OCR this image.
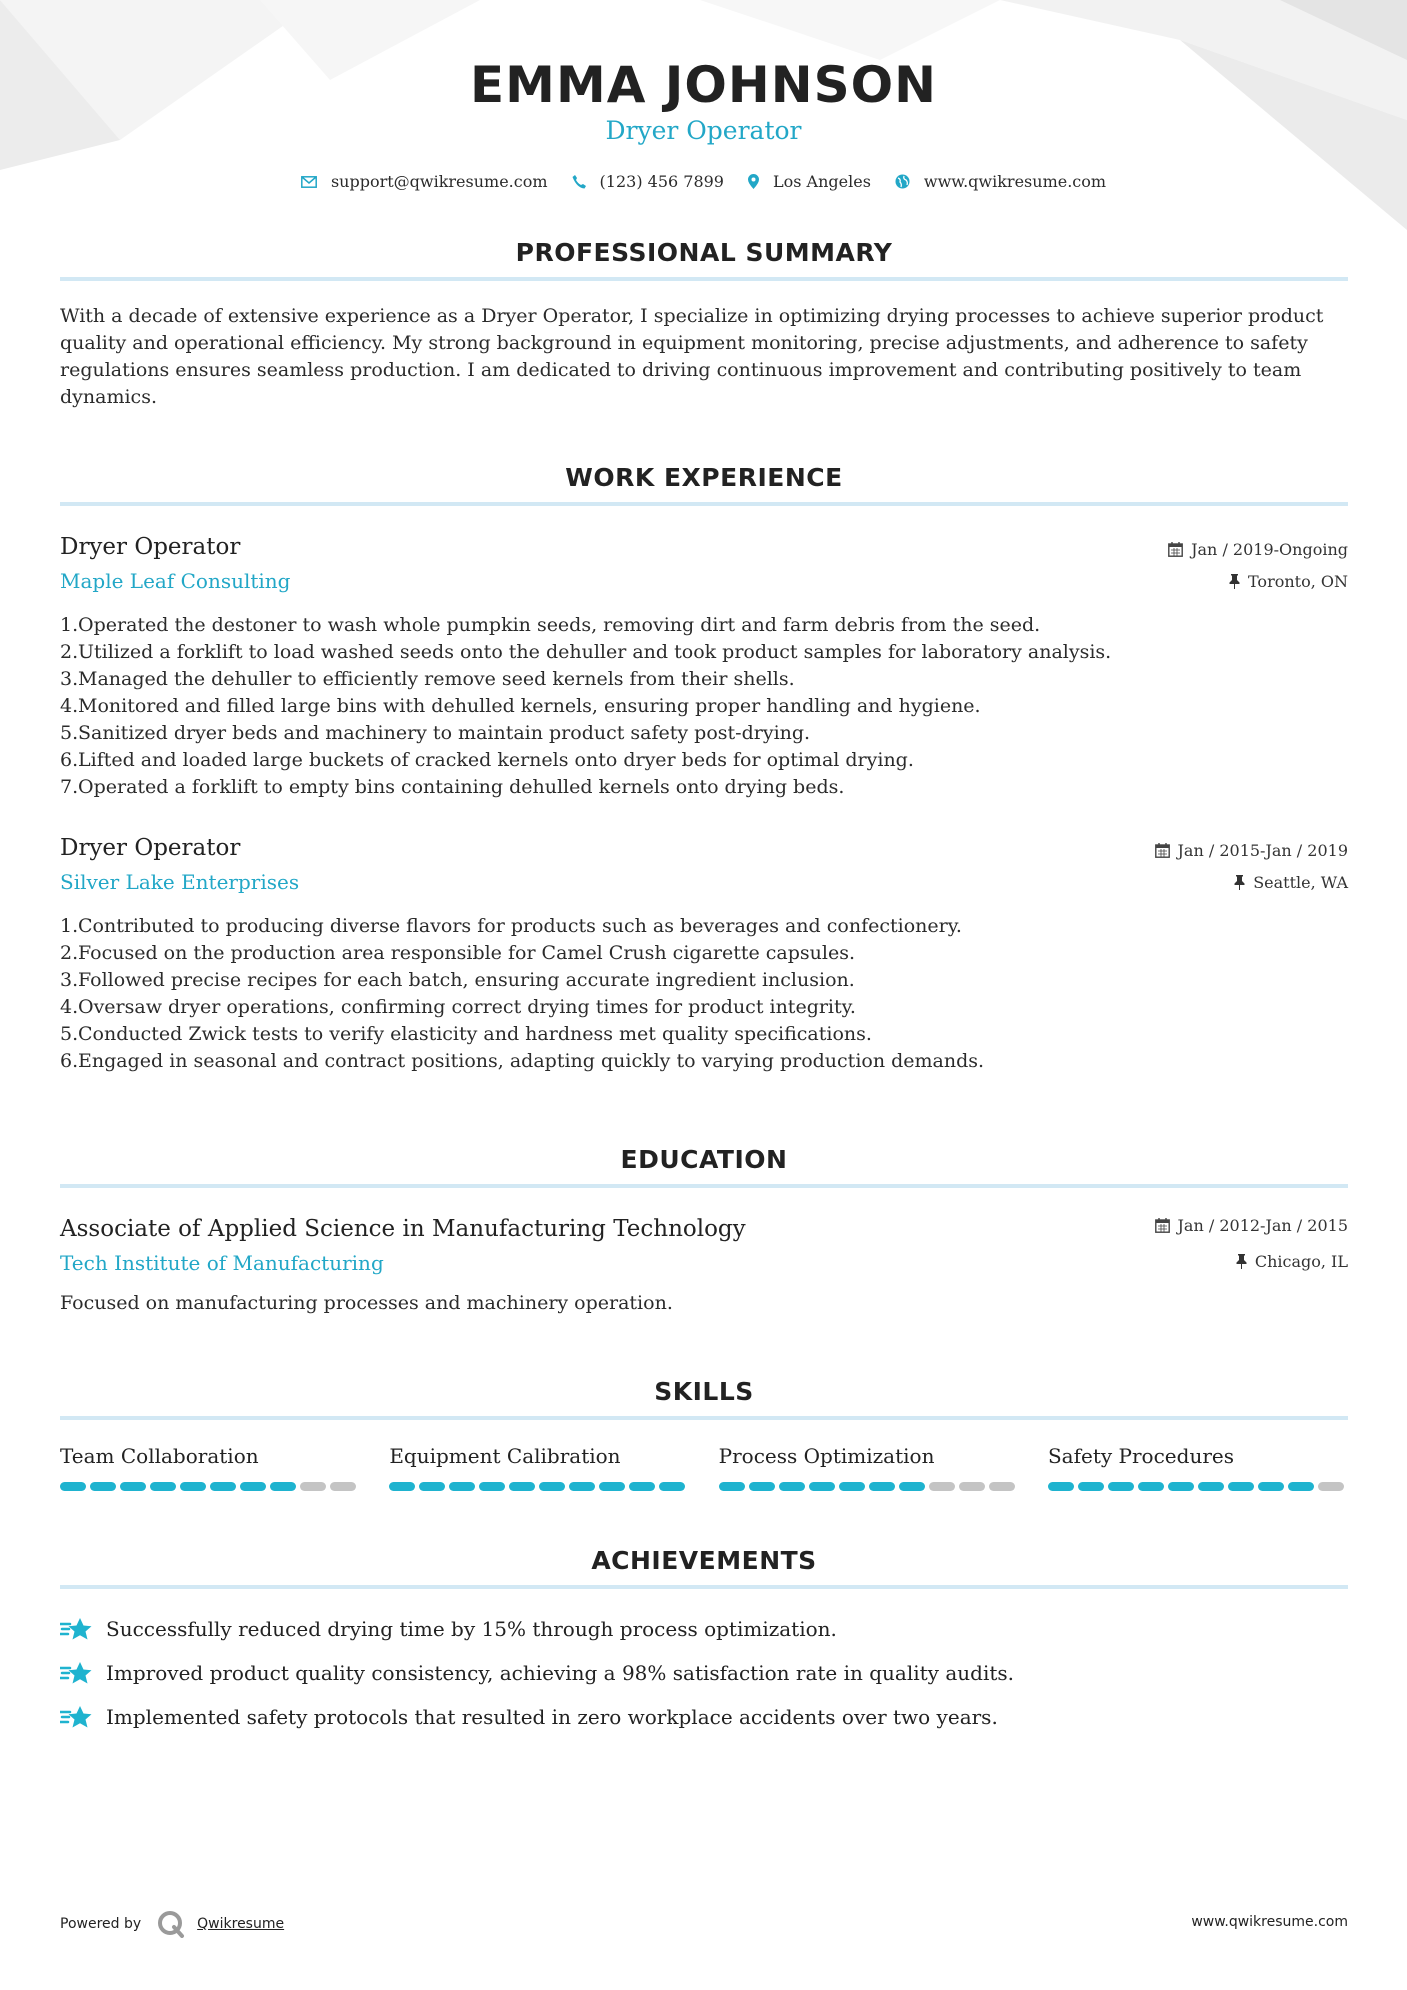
EMMA JOHNSON
Dryer Operator
support@qwikresume.com	(123) 456 7899	Los Angeles	www.qwikresume.com
PROFESSIONAL SUMMARY
With a decade of extensive experience as a Dryer Operator, I specialize in optimizing drying processes to achieve superior product quality and operational efficiency. My strong background in equipment monitoring, precise adjustments, and adherence to safety regulations ensures seamless production. I am dedicated to driving continuous improvement and contributing positively to team dynamics.
WORK EXPERIENCE
Dryer Operator
Maple Leaf Consulting
Jan / 2019-Ongoing
Toronto, ON
1. Operated the destoner to wash whole pumpkin seeds, removing dirt and farm debris from the seed.
2. Utilized a forklift to load washed seeds onto the dehuller and took product samples for laboratory analysis.
3. Managed the dehuller to efficiently remove seed kernels from their shells.
4. Monitored and filled large bins with dehulled kernels, ensuring proper handling and hygiene.
5. Sanitized dryer beds and machinery to maintain product safety post-drying.
6. Lifted and loaded large buckets of cracked kernels onto dryer beds for optimal drying.
7. Operated a forklift to empty bins containing dehulled kernels onto drying beds.
Dryer Operator
Silver Lake Enterprises
Jan / 2015-Jan / 2019
Seattle, WA
1. Contributed to producing diverse flavors for products such as beverages and confectionery.
2. Focused on the production area responsible for Camel Crush cigarette capsules.
3. Followed precise recipes for each batch, ensuring accurate ingredient inclusion.
4. Oversaw dryer operations, confirming correct drying times for product integrity.
5. Conducted Zwick tests to verify elasticity and hardness met quality specifications.
6. Engaged in seasonal and contract positions, adapting quickly to varying production demands.
EDUCATION
Associate of Applied Science in Manufacturing Technology
Tech Institute of Manufacturing
Jan / 2012-Jan / 2015
Chicago, IL
Focused on manufacturing processes and machinery operation.
SKILLS
Team Collaboration	Equipment Calibration	Process Optimization	Safety Procedures
ACHIEVEMENTS
Successfully reduced drying time by 15% through process optimization.
Improved product quality consistency, achieving a 98% satisfaction rate in quality audits.
Implemented safety protocols that resulted in zero workplace accidents over two years.
Powered by	Qwikresume	www.qwikresume.com
